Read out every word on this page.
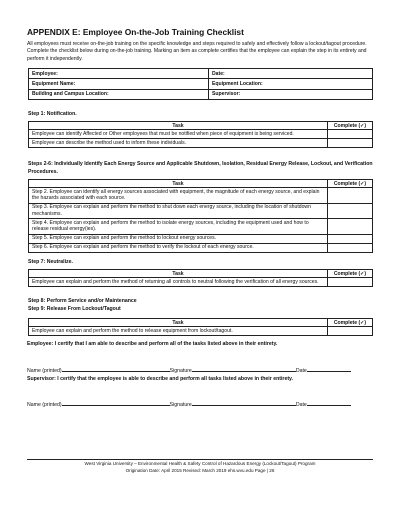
APPENDIX E: Employee On-the-Job Training Checklist
All employees must receive on-the-job training on the specific knowledge and steps required to safely and effectively follow a lockout/tagout procedure. Complete the checklist below during on-the-job training. Marking an item as complete certifies that the employee can explain the step in its entirety and perform it independently.
Employee:	Date:
Equipment Name:	Equipment Location:
Building and Campus Location:	Supervisor:
Step 1: Notification.
Task	Complete (✓)
Employee can identify Affected or Other employees that must be notified when piece of equipment is being serviced.	
Employee can describe the method used to inform these individuals.	
Steps 2-6: Individually Identify Each Energy Source and Applicable Shutdown, Isolation, Residual Energy Release, Lockout, and Verification Procedures.
Task	Complete (✓)
Step 2. Employee can identify all energy sources associated with equipment, the magnitude of each energy source, and explain the hazards associated with each source.	
Step 3. Employee can explain and perform the method to shut down each energy source, including the location of shutdown mechanisms.	
Step 4. Employee can explain and perform the method to isolate energy sources, including the equipment used and how to release residual energy(ies).	
Step 5. Employee can explain and perform the method to lockout energy sources.	
Step 6. Employee can explain and perform the method to verify the lockout of each energy source.	
Step 7: Neutralize.
Task	Complete (✓)
Employee can explain and perform the method of returning all controls to neutral following the verification of all energy sources.	
Step 8: Perform Service and/or Maintenance
Step 9: Release From Lockout/Tagout
Task	Complete (✓)
Employee can explain and perform the method to release equipment from lockout/tagout.	
Employee: I certify that I am able to describe and perform all of the tasks listed above in their entirety.
Name (printed)	Signature	Date
Supervisor: I certify that the employee is able to describe and perform all tasks listed above in their entirety.
Name (printed)	Signature	Date
West Virginia University – Environmental Health & Safety Control of Hazardous Energy (Lockout/Tagout) Program
Origination Date: April 2015 Revised: March 2019 ehs.wvu.edu Page | 26
